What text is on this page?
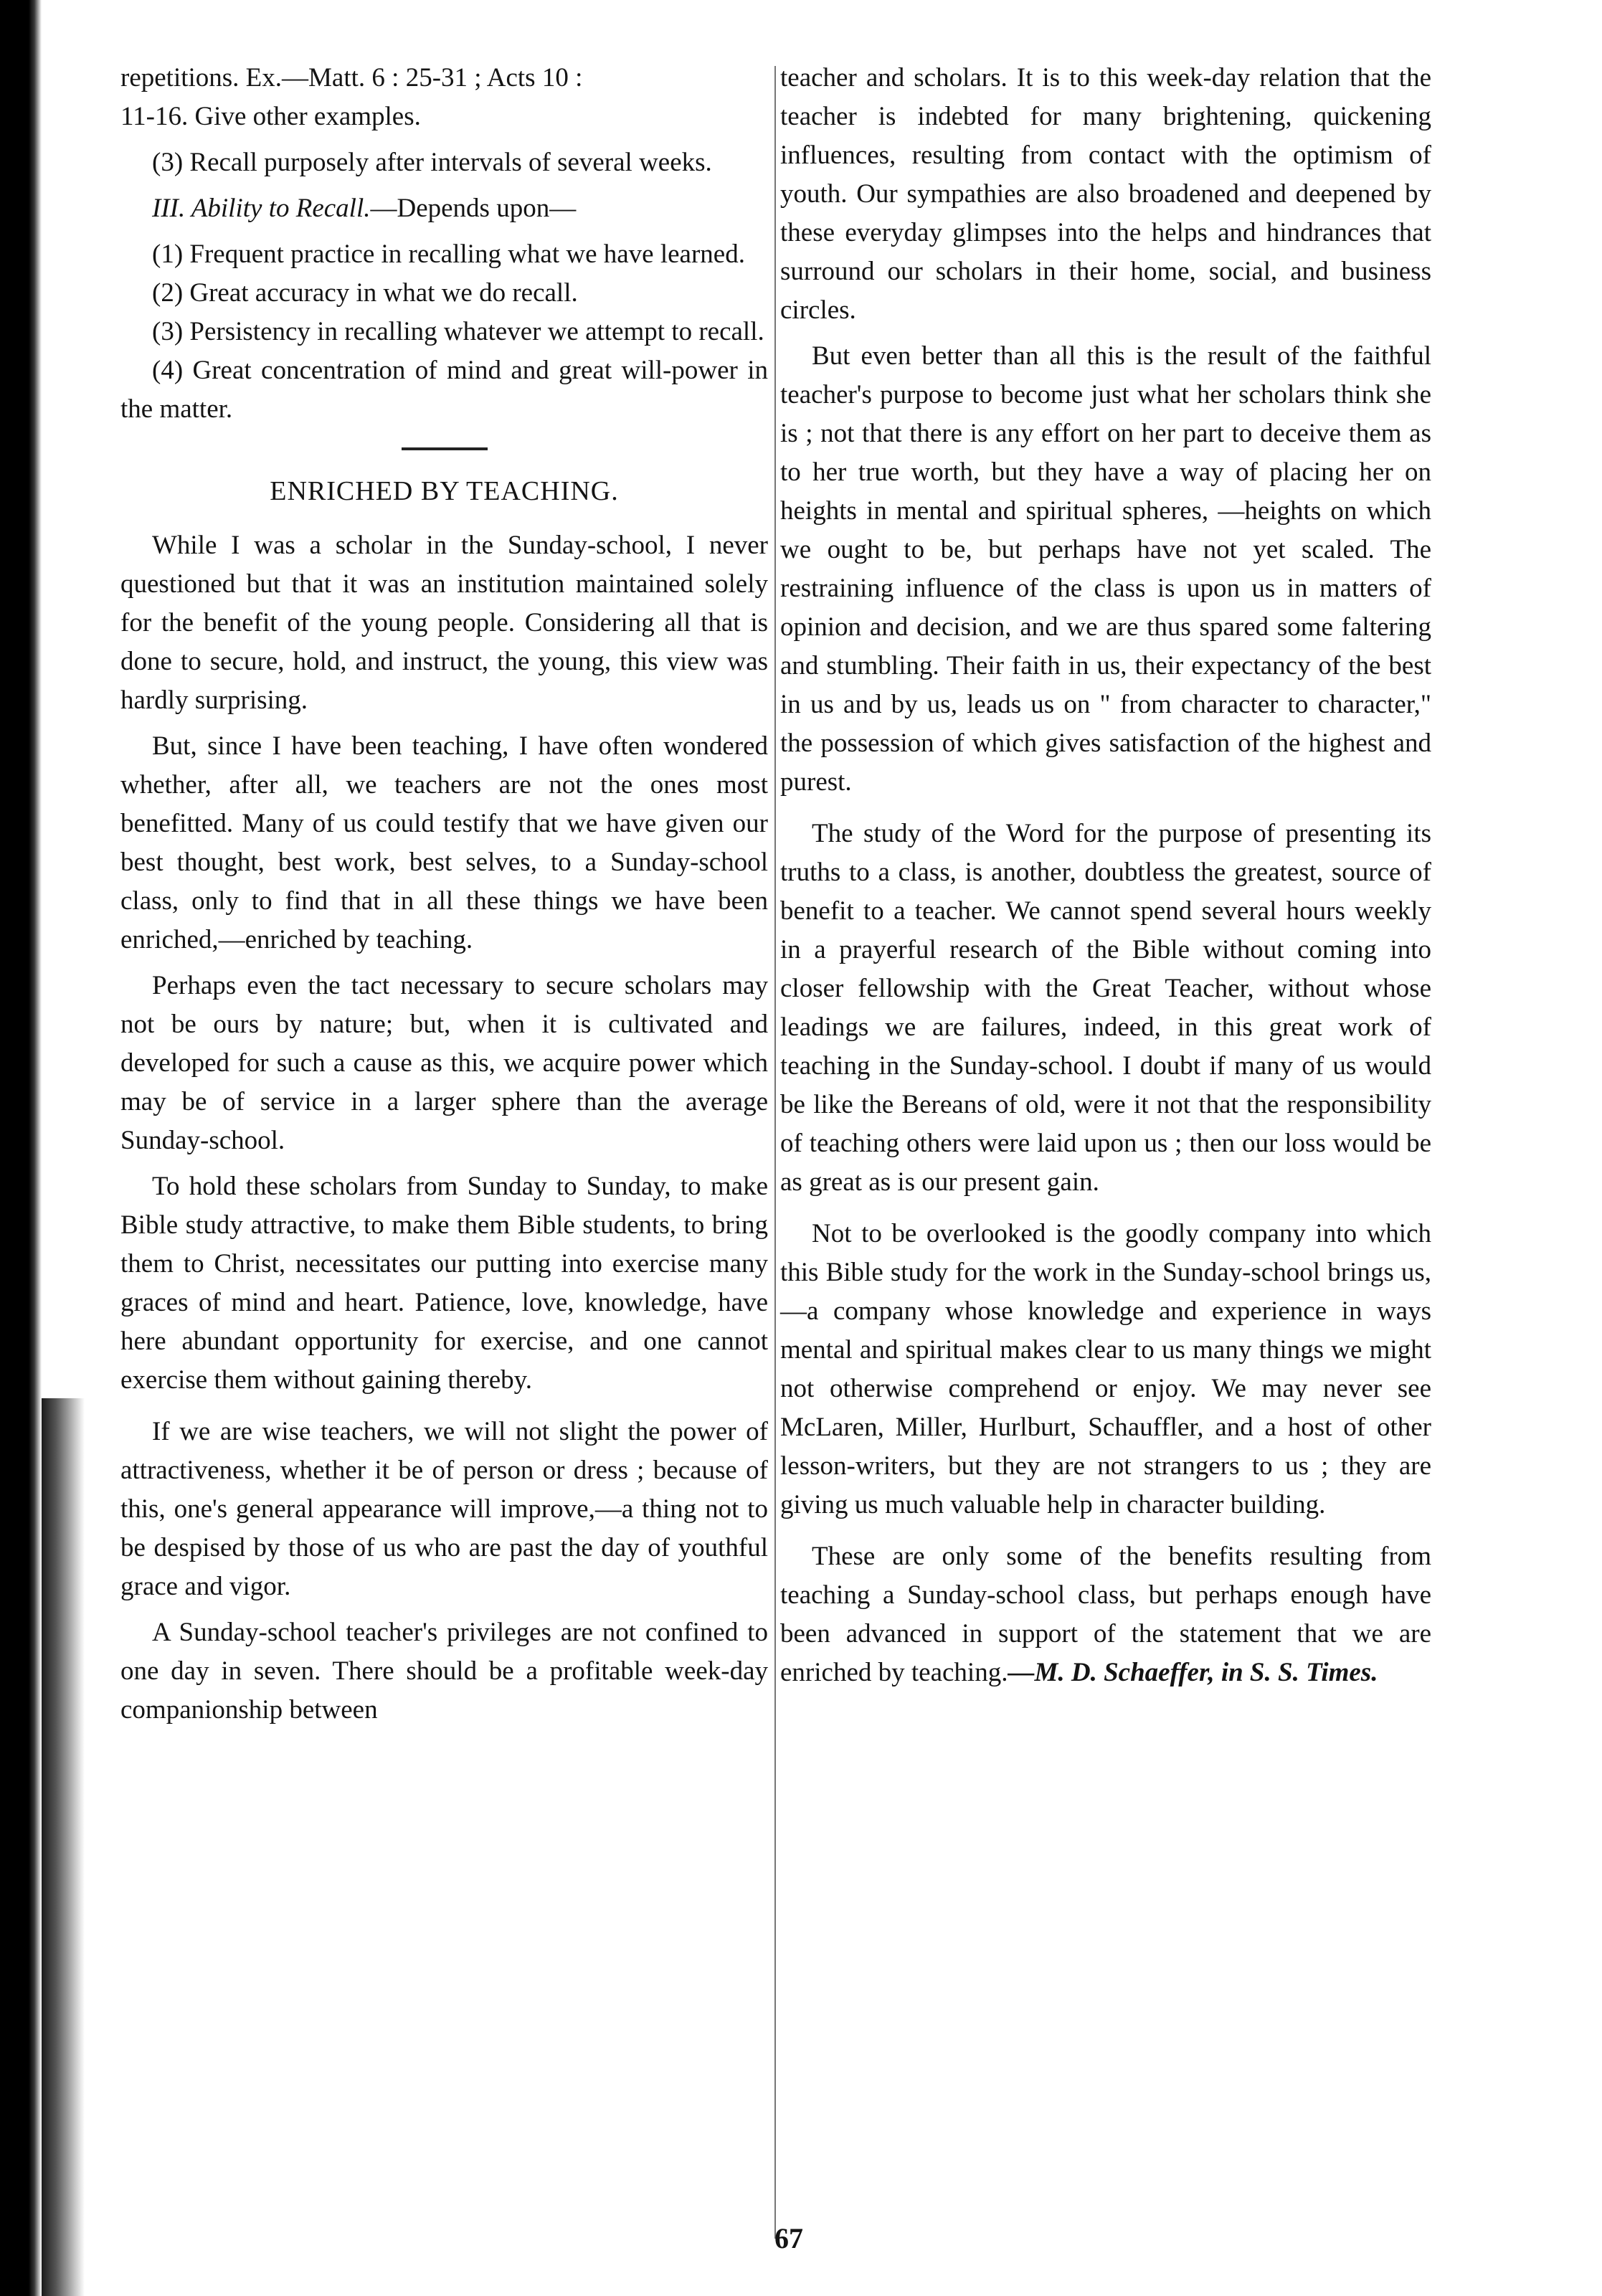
repetitions. Ex.—Matt. 6 : 25-31 ; Acts 10 :

11-16. Give other examples.

(3) Recall purposely after intervals of several weeks.

III. Ability to Recall.—Depends upon—

(1) Frequent practice in recalling what we have learned.

(2) Great accuracy in what we do recall.

(3) Persistency in recalling whatever we attempt to recall.

(4) Great concentration of mind and great will-power in the matter.

ENRICHED BY TEACHING.

While I was a scholar in the Sunday-school, I never questioned but that it was an institution maintained solely for the benefit of the young people. Considering all that is done to secure, hold, and instruct, the young, this view was hardly surprising.

But, since I have been teaching, I have often wondered whether, after all, we teachers are not the ones most benefitted. Many of us could testify that we have given our best thought, best work, best selves, to a Sunday-school class, only to find that in all these things we have been enriched,—enriched by teaching.

Perhaps even the tact necessary to secure scholars may not be ours by nature; but, when it is cultivated and developed for such a cause as this, we acquire power which may be of service in a larger sphere than the average Sunday-school.

To hold these scholars from Sunday to Sunday, to make Bible study attractive, to make them Bible students, to bring them to Christ, necessitates our putting into exercise many graces of mind and heart. Patience, love, knowledge, have here abundant opportunity for exercise, and one cannot exercise them without gaining thereby.

If we are wise teachers, we will not slight the power of attractiveness, whether it be of person or dress ; because of this, one's general appearance will improve,—a thing not to be despised by those of us who are past the day of youthful grace and vigor.

A Sunday-school teacher's privileges are not confined to one day in seven. There should be a profitable week-day companionship between

teacher and scholars. It is to this week-day relation that the teacher is indebted for many brightening, quickening influences, resulting from contact with the optimism of youth. Our sympathies are also broadened and deepened by these everyday glimpses into the helps and hindrances that surround our scholars in their home, social, and business circles.

But even better than all this is the result of the faithful teacher's purpose to become just what her scholars think she is ; not that there is any effort on her part to deceive them as to her true worth, but they have a way of placing her on heights in mental and spiritual spheres, —heights on which we ought to be, but perhaps have not yet scaled. The restraining influence of the class is upon us in matters of opinion and decision, and we are thus spared some faltering and stumbling. Their faith in us, their expectancy of the best in us and by us, leads us on " from character to character," the possession of which gives satisfaction of the highest and purest.

The study of the Word for the purpose of presenting its truths to a class, is another, doubtless the greatest, source of benefit to a teacher. We cannot spend several hours weekly in a prayerful research of the Bible without coming into closer fellowship with the Great Teacher, without whose leadings we are failures, indeed, in this great work of teaching in the Sunday-school. I doubt if many of us would be like the Bereans of old, were it not that the responsibility of teaching others were laid upon us ; then our loss would be as great as is our present gain.

Not to be overlooked is the goodly company into which this Bible study for the work in the Sunday-school brings us,—a company whose knowledge and experience in ways mental and spiritual makes clear to us many things we might not otherwise comprehend or enjoy. We may never see McLaren, Miller, Hurlburt, Schauffler, and a host of other lesson-writers, but they are not strangers to us ; they are giving us much valuable help in character building.

These are only some of the benefits resulting from teaching a Sunday-school class, but perhaps enough have been advanced in support of the statement that we are enriched by teaching.—M. D. Schaeffer, in S. S. Times.

67
